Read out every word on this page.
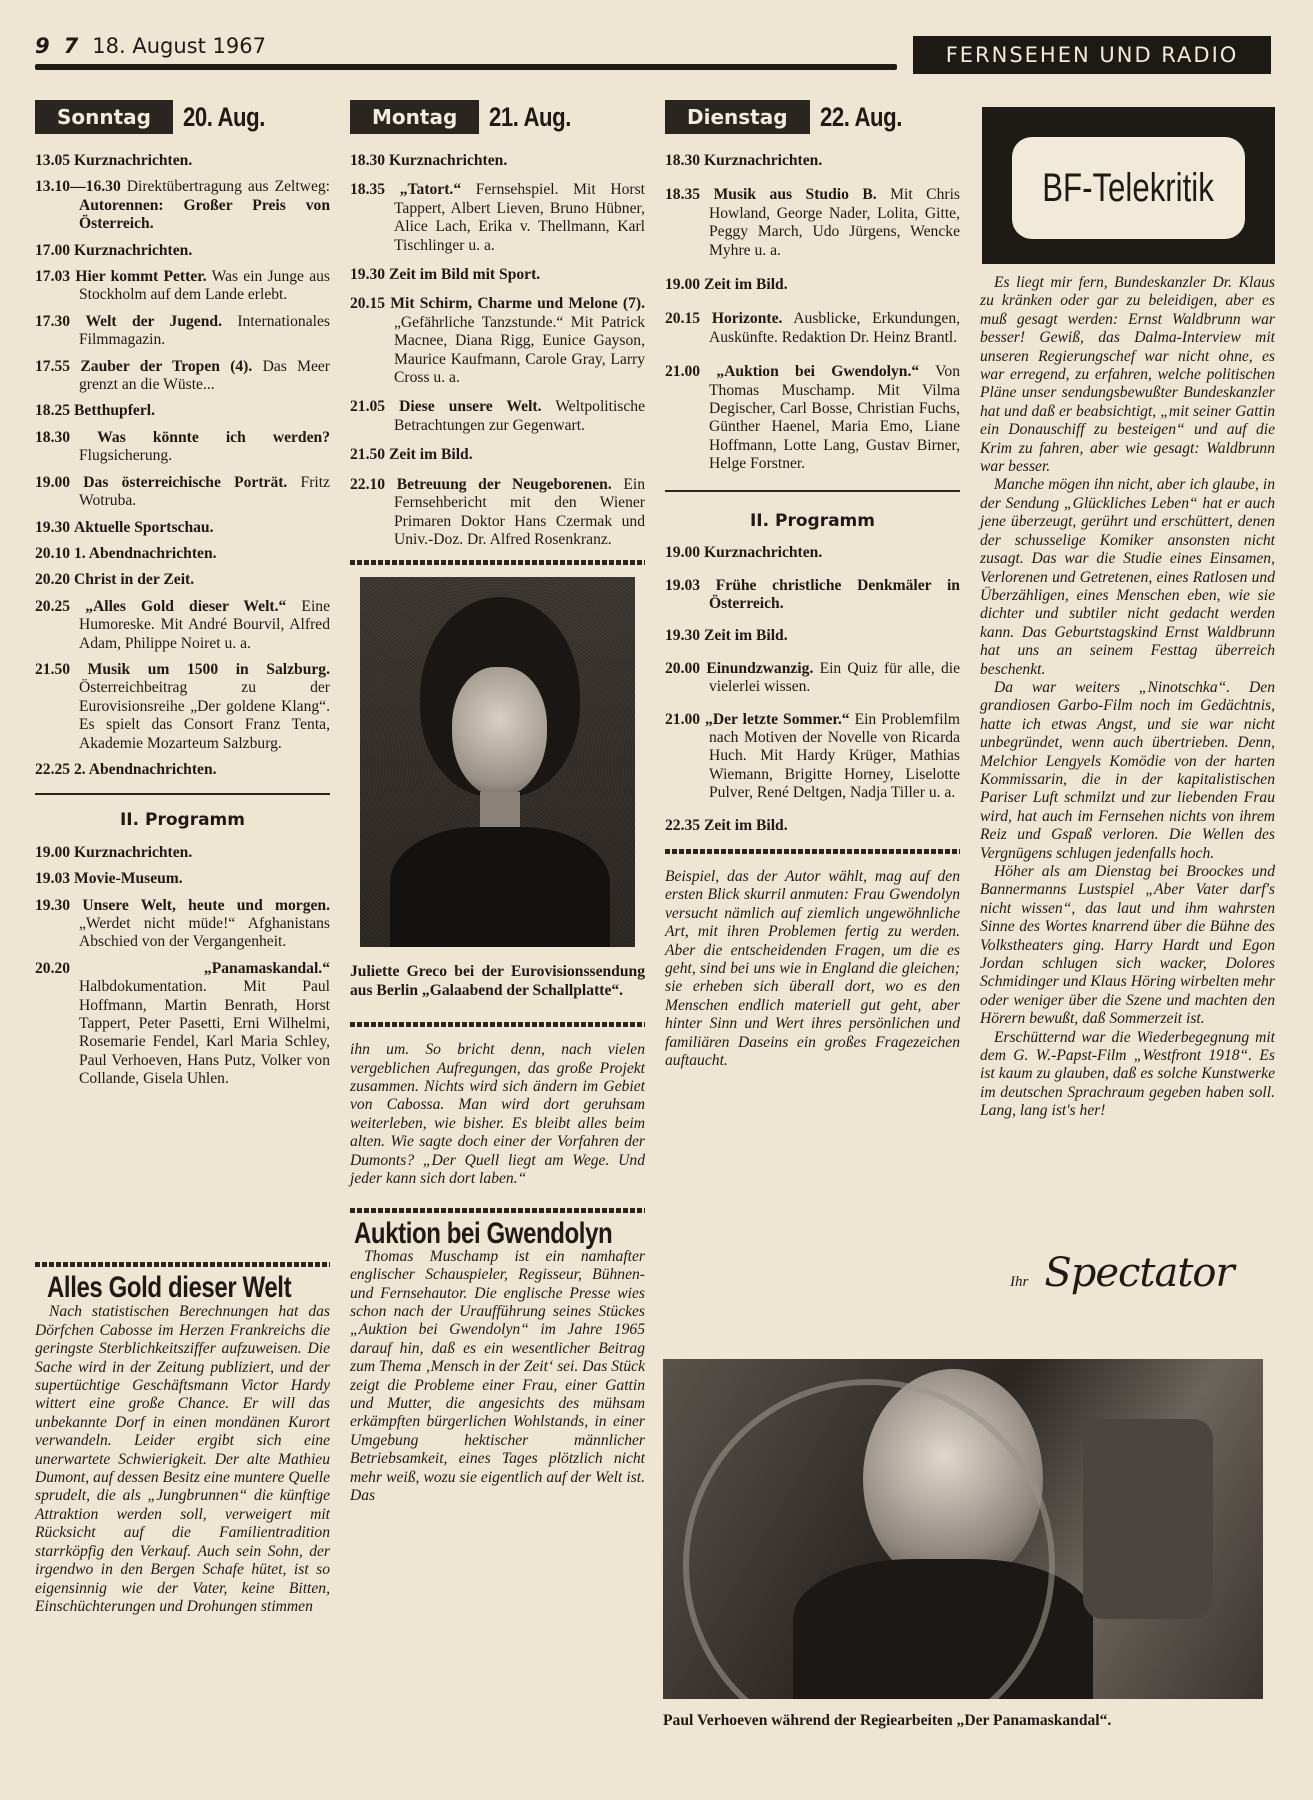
9 7 18. August 1967	FERNSEHEN UND RADIO
Sonntag	20. Aug.
13.05 Kurznachrichten.
13.10—16.30 Direktübertragung aus Zeltweg: Autorennen: Großer Preis von Österreich.
17.00 Kurznachrichten.
17.03 Hier kommt Petter. Was ein Junge aus Stockholm auf dem Lande erlebt.
17.30 Welt der Jugend. Internationales Filmmagazin.
17.55 Zauber der Tropen (4). Das Meer grenzt an die Wüste...
18.25 Betthupferl.
18.30 Was könnte ich werden? Flugsicherung.
19.00 Das österreichische Porträt. Fritz Wotruba.
19.30 Aktuelle Sportschau.
20.10 1. Abendnachrichten.
20.20 Christ in der Zeit.
20.25 „Alles Gold dieser Welt.“ Eine Humoreske. Mit André Bourvil, Alfred Adam, Philippe Noiret u. a.
21.50 Musik um 1500 in Salzburg. Österreichbeitrag zu der Eurovisionsreihe „Der goldene Klang“. Es spielt das Consort Franz Tenta, Akademie Mozarteum Salzburg.
22.25 2. Abendnachrichten.
II. Programm
19.00 Kurznachrichten.
19.03 Movie-Museum.
19.30 Unsere Welt, heute und morgen. „Werdet nicht müde!“ Afghanistans Abschied von der Vergangenheit.
20.20	„Panamaskandal.“ Halbdokumentation. Mit Paul Hoffmann, Martin Benrath, Horst Tappert, Peter Pasetti, Erni Wilhelmi, Rosemarie Fendel, Karl Maria Schley, Paul Verhoeven, Hans Putz, Volker von Collande, Gisela Uhlen.
Alles Gold dieser Welt

Nach statistischen Berechnungen hat das Dörfchen Cabosse im Herzen Frankreichs die geringste Sterblichkeitsziffer aufzuweisen. Die Sache wird in der Zeitung publiziert, und der supertüchtige Geschäftsmann Victor Hardy wittert eine große Chance. Er will das unbekannte Dorf in einen mondänen Kurort verwandeln. Leider ergibt sich eine unerwartete Schwierigkeit. Der alte Mathieu Dumont, auf dessen Besitz eine muntere Quelle sprudelt, die als „Jungbrunnen“ die künftige Attraktion werden soll, verweigert mit Rücksicht auf die Familientradition starrköpfig den Verkauf. Auch sein Sohn, der irgendwo in den Bergen Schafe hütet, ist so eigensinnig wie der Vater, keine Bitten, Einschüchterungen und Drohungen stimmen

Montag	21. Aug.
18.30 Kurznachrichten.
18.35 „Tatort.“ Fernsehspiel. Mit Horst Tappert, Albert Lieven, Bruno Hübner, Alice Lach, Erika v. Thellmann, Karl Tischlinger u. a.
19.30 Zeit im Bild mit Sport.
20.15 Mit Schirm, Charme und Melone (7). „Gefährliche Tanzstunde.“ Mit Patrick Macnee, Diana Rigg, Eunice Gayson, Maurice Kaufmann, Carole Gray, Larry Cross u. a.
21.05 Diese unsere Welt. Weltpolitische Betrachtungen zur Gegenwart.
21.50 Zeit im Bild.
22.10 Betreuung der Neugeborenen. Ein Fernsehbericht mit den Wiener Primaren Doktor Hans Czermak und Univ.-Doz. Dr. Alfred Rosenkranz.
Juliette Greco bei der Eurovisionssendung aus Berlin „Galaabend der Schallplatte“.

ihn um. So bricht denn, nach vielen vergeblichen Aufregungen, das große Projekt zusammen. Nichts wird sich ändern im Gebiet von Cabossa. Man wird dort geruhsam weiterleben, wie bisher. Es bleibt alles beim alten. Wie sagte doch einer der Vorfahren der Dumonts? „Der Quell liegt am Wege. Und jeder kann sich dort laben.“

Auktion bei Gwendolyn

Thomas Muschamp ist ein namhafter englischer Schauspieler, Regisseur, Bühnen- und Fernsehautor. Die englische Presse wies schon nach der Uraufführung seines Stückes „Auktion bei Gwendolyn“ im Jahre 1965 darauf hin, daß es ein wesentlicher Beitrag zum Thema ‚Mensch in der Zeit‘ sei. Das Stück zeigt die Probleme einer Frau, einer Gattin und Mutter, die angesichts des mühsam erkämpften bürgerlichen Wohlstands, in einer Umgebung hektischer männlicher Betriebsamkeit, eines Tages plötzlich nicht mehr weiß, wozu sie eigentlich auf der Welt ist. Das

Dienstag	22. Aug.
18.30 Kurznachrichten.
18.35 Musik aus Studio B. Mit Chris Howland, George Nader, Lolita, Gitte, Peggy March, Udo Jürgens, Wencke Myhre u. a.
19.00 Zeit im Bild.
20.15 Horizonte. Ausblicke, Erkundungen, Auskünfte. Redaktion Dr. Heinz Brantl.
21.00 „Auktion bei Gwendolyn.“ Von Thomas Muschamp. Mit Vilma Degischer, Carl Bosse, Christian Fuchs, Günther Haenel, Maria Emo, Liane Hoffmann, Lotte Lang, Gustav Birner, Helge Forstner.
II. Programm
19.00 Kurznachrichten.
19.03 Frühe christliche Denkmäler in Österreich.
19.30 Zeit im Bild.
20.00 Einundzwanzig. Ein Quiz für alle, die vielerlei wissen.
21.00 „Der letzte Sommer.“ Ein Problemfilm nach Motiven der Novelle von Ricarda Huch. Mit Hardy Krüger, Mathias Wiemann, Brigitte Horney, Liselotte Pulver, René Deltgen, Nadja Tiller u. a.
22.35 Zeit im Bild.

Beispiel, das der Autor wählt, mag auf den ersten Blick skurril anmuten: Frau Gwendolyn versucht nämlich auf ziemlich ungewöhnliche Art, mit ihren Problemen fertig zu werden. Aber die entscheidenden Fragen, um die es geht, sind bei uns wie in England die gleichen; sie erheben sich überall dort, wo es den Menschen endlich materiell gut geht, aber hinter Sinn und Wert ihres persönlichen und familiären Daseins ein großes Fragezeichen auftaucht.

Paul Verhoeven während der Regiearbeiten „Der Panamaskandal“.
BF-Telekritik

Es liegt mir fern, Bundeskanzler Dr. Klaus zu kränken oder gar zu beleidigen, aber es muß gesagt werden: Ernst Waldbrunn war besser! Gewiß, das Dalma-Interview mit unseren Regierungschef war nicht ohne, es war erregend, zu erfahren, welche politischen Pläne unser sendungsbewußter Bundeskanzler hat und daß er beabsichtigt, „mit seiner Gattin ein Donauschiff zu besteigen“ und auf die Krim zu fahren, aber wie gesagt: Waldbrunn war besser.

Manche mögen ihn nicht, aber ich glaube, in der Sendung „Glückliches Leben“ hat er auch jene überzeugt, gerührt und erschüttert, denen der schusselige Komiker ansonsten nicht zusagt. Das war die Studie eines Einsamen, Verlorenen und Getretenen, eines Ratlosen und Überzähligen, eines Menschen eben, wie sie dichter und subtiler nicht gedacht werden kann. Das Geburtstagskind Ernst Waldbrunn hat uns an seinem Festtag überreich beschenkt.

Da war weiters „Ninotschka“. Den grandiosen Garbo-Film noch im Gedächtnis, hatte ich etwas Angst, und sie war nicht unbegründet, wenn auch übertrieben. Denn, Melchior Lengyels Komödie von der harten Kommissarin, die in der kapitalistischen Pariser Luft schmilzt und zur liebenden Frau wird, hat auch im Fernsehen nichts von ihrem Reiz und Gspaß verloren. Die Wellen des Vergnügens schlugen jedenfalls hoch.

Höher als am Dienstag bei Broockes und Bannermanns Lustspiel „Aber Vater darf's nicht wissen“, das laut und ihm wahrsten Sinne des Wortes knarrend über die Bühne des Volkstheaters ging. Harry Hardt und Egon Jordan schlugen sich wacker, Dolores Schmidinger und Klaus Höring wirbelten mehr oder weniger über die Szene und machten den Hörern bewußt, daß Sommerzeit ist.

Erschütternd war die Wiederbegegnung mit dem G. W.-Papst-Film „Westfront 1918“. Es ist kaum zu glauben, daß es solche Kunstwerke im deutschen Sprachraum gegeben haben soll. Lang, lang ist's her!

Ihr Spectator
